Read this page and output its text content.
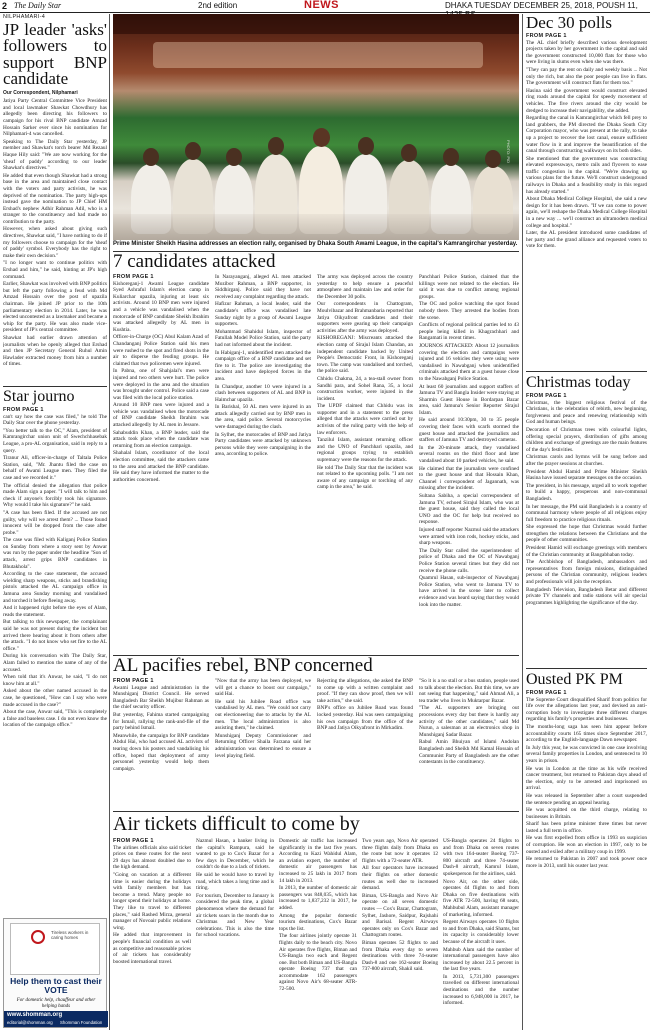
2 The Daily Star	2nd edition	NEWS	DHAKA TUESDAY DECEMBER 25, 2018, POUSH 11,
NILPHAMARI-4
JP leader 'asks' followers to support BNP candidate
Our Correspondent, Nilphamari

Jatiya Party Central Committee Vice President and local lawmaker Shawkat Chowdhury has allegedly been directing his followers to campaign for his rival BNP candidate Amzad Hossain Sarker ever since his nomination for Nilphamari-4 was cancelled.

Speaking to The Daily Star yesterday, JP member and Shawkat's torch bearer Md Rezaul Haque Hily said: "We are now working for the 'sheaf of paddy' according to our leader Shawkat's directives."

He added that even though Shawkat had a strong base in the area and maintained close contact with the voters and party activists, he was deprived of the nomination. The party high-ups instead gave the nomination to JP Chief HM Ershad's nephew Adhir Rahman Adil, who is a stranger to the constituency and had made no contribution to the party.

However, when asked about giving such directives, Shawkat said, "I have nothing to do if my followers choose to campaign for the 'sheaf of paddy' symbol. Everybody has the right to make their own decision."

"I no longer want to continue politics with Ershad and him," he said, hinting at JP's high command.

Earlier, Shawkat was involved with BNP politics but left the party following a feud with Md Amzad Hossain over the post of upazila chairman. He joined JP prior to the 10th parliamentary election in 2014. Later, he was elected uncontested as a lawmaker and became a whip for the party. He was also made vice-president of JP's central committee.

Shawkat had earlier drawn attention of journalists when he openly alleged that Ershad and then JP Secretary General Ruhul Amin Hawlader extracted money from him a number of times.

Star journo
FROM PAGE 1

can't say how the case was filed," he told The Daily Star over the phone yesterday.

"You better talk to the OC," Alam, president of Kamrangirchar union unit of Swechchhasebak League, a pro-AL organisation, said in reply to a query.

Tiranur Ali, officer-in-charge of Taltala Police Station, said, "Mr. Jhantu filed the case on behalf of Awami League men. They filed the case and we recorded it."

The official denied the allegation that police made Alam sign a paper. "I will talk to him and check if anyone's forcibly took his signature. Why would I take his signature?" he said.

"A case has been filed. If the accused are not guilty, why will we arrest them? ... Those found innocent will be dropped from the case after probe."

The case was filed with Kaliganj Police Station on Sunday from where a story sent by Anwar was run by the paper under the headline "Son of attack, arrest grips BNP candidates in Bhutakhola".

According to the case statement, the accused wielding sharp weapons, sticks and brandishing pistols attacked the AL campaign office in Jamuna area Sunday morning and vandalised and torched it before fleeing away.

And it happened right before the eyes of Alam, reads the statement.

But talking to this newspaper, the complainant said he was not present during the incident but arrived there hearing about it from others after the attack. "I do not know who set fire to the AL office."

During his conversation with The Daily Star, Alam failed to mention the name of any of the accused.

When told that it's Anwar, he said, "I do not know him at all."

Asked about the other named accused in the case, he questioned, "How can I say who were made accused in the case?"

About the case, Anwar said, "This is completely a false and baseless case. I do not even know the location of the campaign office."

Tireless workers in caring homes
Help them to cast their VOTE
For domestic help, chauffeur and other helping hands
www.shomman.org
editorial@shomman.org Shomman Foundation
PHOTO: PID
Prime Minister Sheikh Hasina addresses an election rally, organised by Dhaka South Awami League, in the capital's Kamrangirchar yesterday.
7 candidates attacked
FROM PAGE 1

Kishoreganj-1 Awami League candidate Syed Ashraful Islam's election camp in Kuliarchar upazila, injuring at least six activists. Around 10 BNP men were injured and a vehicle was vandalised when the motorcade of BNP candidate Sheikh Ibrahim was attacked allegedly by AL men in Kushtia.

Officer-in-Charge (OC) Abul Kalam Azad of Chandanganj Police Station said his men were rushed to the spot and fired shots in the air to disperse the feuding groups. He claimed that two policemen were injured.

In Pabna, one of Shahjalal's men were injured and two others were hurt. The police were deployed in the area and the situation was brought under control. Police said a case was filed with the local police station.

Around 10 BNP men were injured and a vehicle was vandalised when the motorcade of BNP candidate Sheikh Ibrahim was attacked allegedly by AL men in Jessore.

Sahabuddin Khan, a BNP leader, said the attack took place when the candidate was returning from an election campaign.

Shahalal Islam, coordinator of the local election committee, said the attackers came to the area and attacked the BNP candidate. He said they have informed the matter to the authorities concerned.

In Narayanganj, alleged AL men attacked Mozibor Rahman, a BNP supporter, in Siddhirganj. Police said they have not received any complaint regarding the attack.

Hafizur Rahman, a local leader, said the candidate's office was vandalised late Sunday night by a group of Awami League supporters.

Mohammad Shahidul Islam, inspector of Fatullah Model Police Station, said the party had not informed about the incident.

In Habiganj-1, unidentified men attacked the campaign office of a BNP candidate and set fire to it. The police are investigating the incident and have deployed forces in the area.

In Chandpur, another 10 were injured in a clash between supporters of AL and BNP in Haimchar upazila.

In Barishal, 50 AL men were injured in an attack allegedly carried out by BNP men in the area, said police. Several motorcycles were damaged during the clash.

In Sylhet, the motorcades of BNP and Jatiya Party candidates were attacked by unknown persons while they were campaigning in the area, according to police.

The army was deployed across the country yesterday to help ensure a peaceful atmosphere and maintain law and order for the December 30 polls.

Our correspondents in Chattogram, Moulvibazar and Brahmanbaria reported that Jatiya Oikyafront candidates and their supporters were gearing up their campaign activities after the army was deployed.

KISHOREGANJ: Miscreants attacked the election camp of Sirajul Islam Chandan, an independent candidate backed by United People's Democratic Front, in Kishoreganj town. The camp was vandalised and torched, the police said.

Chhidu Chakma, 24, a tea-stall owner from Sandhi para, and Sohel Rana, 35, a local construction worker, were injured in the incident.

The UPDF claimed that Chhidu was its supporter and in a statement to the press alleged that the attacks were carried out by activists of the ruling party with the help of law enforcers.

Tanzilul Islam, assistant returning officer and the UNO of Panchhari upazila, and regional groups trying to establish supremacy were the reasons for the attack.

He told The Daily Star that the incident was not related to the upcoming polls. "I am not aware of any campaign or torching of any camp in the area," he said.

Panchhari Police Station, claimed that the killings were not related to the election. He said it was due to conflict among regional groups.

The OC and police watching the spot found nobody there. They arrested the bodies from the scene.

Conflicts of regional political parties led to 43 people being killed in Khagrachhari and Rangamati in recent times.

JOURNOS ATTACKED: About 12 journalists covering the election and campaigns were injured and 16 vehicles they were using were vandalised in Nawabganj when unidentified criminals attacked them at a guest house close to the Nawabganj Police Station.

At least 60 journalists and support staffers of Jamuna TV and Bangla Insider were staying at Sharmin Guest House in Bordarpan Bazar area, said Jamuna's Senior Reporter Sirajul Islam.

He said around 10:30pm, 30 to 35 people covering their faces with scarfs stormed the guest house and attacked the journalists and staffers of Jamuna TV and destroyed cameras.

In the 20-minute attack, they vandalised several rooms on the third floor and later vandalised about 10 parked vehicles, he said.

He claimed that the journalists were confined to the guest house and that Hossain Khan, Channel i correspondent of Jagannath, was missing after the incident.

Sultana Sabiha, a special correspondent of Jamuna TV, echoed Sirajul Islam, who was at the guest house, said they called the local UNO and the OC for help but received no response.

Injured staff reporter Nazmul said the attackers were armed with iron rods, hockey sticks, and sharp weapons.

The Daily Star called the superintendent of police of Dhaka and the OC of Nawabganj Police Station several times but they did not receive the phone calls.

Quamrul Hasan, sub-inspector of Nawabganj Police Station, who went to Jamuna TV to have arrived in the scene later to collect evidence and was heard saying that they would look into the matter.

AL pacifies rebel, BNP concerned
FROM PAGE 1

Awami League and administration in the Munshiganj District Council. He served Bangladesh Bar Sheikh Mujibur Rahman as the chief security officer.

But yesterday, Fahima started campaigning for Ismail, rallying the rank-and-file of the party behind Ismail.

Meanwhile, the campaign for BNP candidate Abdul Hai, who had accused AL activists of tearing down his posters and vandalising his office, hoped that deployment of army personnel yesterday would help them campaign.

"Now that the army has been deployed, we will get a chance to boost our campaign," said Hai.

He said his Jubilee Road office was vandalised by AL men. "We could not carry out electioneering due to attacks by the AL men. The local administration is also assisting them," he claimed.

Munshiganj Deputy Commissioner and Returning Officer Shaila Farzana said her administration was determined to ensure a level playing field.

Rejecting the allegations, she asked the BNP to come up with a written complaint and proof. "If they can show proof, then we will take action," she said.

BNP's office on Jubilee Road was found locked yesterday. Hai was seen campaigning his own campaign from the office of the BNP and Jatiya Oikyafront in Mirkadim.

"So it is a no stall or a bus station, people used to talk about the election. But this time, we are not seeing that happening," said Ahmad Ali, a tea trader who lives in Muktarpur Bazar.

"The AL supporters are bringing out processions every day but there is hardly any activity of the other candidates," said Md Nurun, a salesman at an electronics shop in Munshiganj Sadar Bazar.

Rabul Amin Bhuiyan of Islami Andolan Bangladesh and Sheikh Md Kamal Hossain of Communist Party of Bangladesh are the other contestants in the constituency.

Air tickets difficult to come by
FROM PAGE 1

The airlines officials also said ticket prices on these routes for the next 29 days has almost doubled due to the high demand.

"Going on vacation at a different time is easier during the holidays with family members but has become a trend. Many people no longer spend their holidays at home. They like to travel to different places," said Rashed Mirza, general manager of Novoair public relations wing.

He added that improvement in people's financial condition as well as competitive and reasonable prices of air tickets has considerably boosted international travel.

Nazmul Hasan, a banker living in the capital's Rampura, said he wanted to go to Cox's Bazar for a few days in December, which he couldn't do due to a lack of tickets.

He said he would have to travel by road, which takes a long time and is tiring.

For tourism, December to January is considered the peak time, a global phenomenon where the demand for air tickets soars in the month due to Christmas and New Year celebrations. This is also the time for school vacations.

Domestic air traffic has increased significantly in the last five years. According to Kazi Wahidul Alam, an aviation expert, the number of domestic air passengers has increased to 25 lakh in 2017 from 14 lakh in 2013.

In 2013, the number of domestic air passengers was 848,035, which has increased to 1,837,232 in 2017, he added.

Among the popular domestic tourism destinations, Cox's Bazar tops the list.

The four airlines jointly operate 31 flights daily to the beach city. Novo Air operates five flights, Biman and US-Bangla two each and Regent one. But both Biman and US-Bangla operate Boeing 737 that can accommodate 162 passengers against Novo Air's 68-seater ATR-72-500.

Two years ago, Novo Air operated three flights daily from Dhaka on the route but now it operates 12 flights with a 72-seater ATR.

All four operators have increased their flights on other domestic routes as well due to increased demand.

Biman, US-Bangla and Novo Air operate on all seven domestic routes — Cox's Bazar, Chattogram, Sylhet, Jashore, Saidpur, Rajshahi and Barisal. Regent Airways operates only on Cox's Bazar and Chattogram routes.

Biman operates 52 flights to and from Dhaka every day to seven destinations with three 74-seater Dash-8 and one 162-seater Boeing 737-800 aircraft, Shakil said.

US-Bangla operates 24 flights to and from Dhaka on seven routes with two 164-seater Boeing 737-800 aircraft and three 74-seater Dash-8 aircraft, Kamrul Islam, spokesperson for the airlines, said.

Novo Air, on the other side, operates 44 flights to and from Dhaka on five destinations with five ATR 72-500, having 68 seats, Mahbubul Alam, assistant manager of marketing, informed.

Regent Airways operates 10 flights to and from Dhaka, said Shams, but its capacity is considerably lower because of the aircraft it uses.

Mahbub Alam said the number of international passengers have also increased by about 22.5 percent in the last five years.

In 2013, 5,731,300 passengers travelled on different international destinations and the number increased to 6,948,000 in 2017, he informed.

Dec 30 polls
FROM PAGE 1

The AL chief briefly described various development projects taken by her government in the capital and said the government constructed 10,000 flats for those who were living in slums even when she was there.

"They can pay the rent on daily and weekly basis ... Not only the rich, but also the poor people can live in flats. The government will construct flats for them too."

Hasina said the government would construct elevated ring roads around the capital for speedy movement of vehicles. The five rivers around the city would be dredged to increase their navigability, she added.

Regarding the canal in Kamrangirchar which fell prey to land grabbers, the PM directed the Dhaka South City Corporation mayor, who was present at the rally, to take up a project to recover the lost canal, ensure sufficient water flow in it and improve the beautification of the canal through constructing walkways on its both sides.

She mentioned that the government was constructing elevated expressways, metro rails and flyovers to ease traffic congestion in the capital. "We're drawing up various plans for the future. We'll construct underground railways in Dhaka and a feasibility study in this regard has already started."

About Dhaka Medical College Hospital, she said a new design for it has been drawn. "If we can come to power again, we'll reshape the Dhaka Medical College Hospital in a new way ... we'll construct an ultramodern medical college and hospital."

Later, the AL president introduced some candidates of her party and the grand alliance and requested voters to vote for them.

Christmas today
FROM PAGE 1

Christmas, the biggest religious festival of the Christians, is the celebration of rebirth, new beginning, forgiveness and peace and renewing relationship with God and human beings.

Decoration of Christmas trees with colourful lights, offering special prayers, distribution of gifts among children and exchange of greetings are the main features of the day's festivities.

Christmas carols and hymns will be sung before and after the prayer sessions at churches.

President Abdul Hamid and Prime Minister Sheikh Hasina have issued separate messages on the occasion.

The president, in his message, urged all to work together to build a happy, prosperous and non-communal Bangladesh.

In her message, the PM said Bangladesh is a country of communal harmony where people of all religions enjoy full freedom to practice religious rituals.

She expressed the hope that Christmas would further strengthen the relations between the Christians and the people of other communities.

President Hamid will exchange greetings with members of the Christian community at Bangabhaban today.

The Archbishop of Bangladesh, ambassadors and representatives from foreign missions, distinguished persons of the Christian community, religious leaders and professionals will join the reception.

Bangladesh Television, Bangladesh Betar and different private TV channels and radio stations will air special programmes highlighting the significance of the day.

Ousted PK PM
FROM PAGE 1

The Supreme Court disqualified Sharif from politics for life over the allegations last year, and devised an anti-corruption body to investigate three different charges regarding his family's properties and businesses.

The months-long saga has seen him appear before accountability courts 165 times since September 2017, according to the English-language Dawn newspaper.

In July this year, he was convicted in one case involving several family properties in London, and sentenced to 10 years in prison.

He was in London at the time as his wife received cancer treatment, but returned to Pakistan days ahead of the election, only to be arrested and imprisoned on arrival.

He was released in September after a court suspended the sentence pending an appeal hearing.

He was acquitted on the third charge, relating to businesses in Britain.

Sharif has been prime minister three times but never lasted a full term in office.

He was first expelled from office in 1993 on suspicion of corruption. He won an election in 1997, only to be ousted and exiled after a military coup in 1999.

He returned to Pakistan in 2007 and took power once more in 2013, until his ouster last year.
